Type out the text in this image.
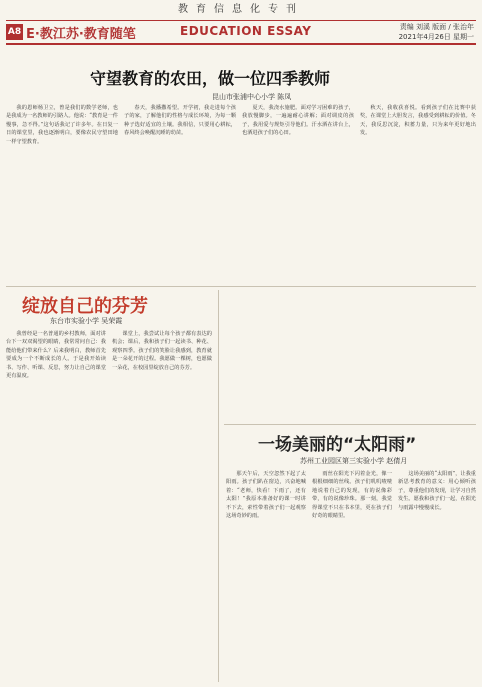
教育信息化专刊
A8 E·教江苏·教育随笔	EDUCATION ESSAY	责编 刘溪 版面 / 张治年
2021年4月26日 星期一
守望教育的农田，做一位四季教师
昆山市张浦中心小学 陈凤

我的恩师杨卫立，曾是我们的数学老师，也是我成为一名教师的引路人。他说：“教育是一件慢事，急不得。”这句话我记了许多年。在日复一日的课堂里，我也逐渐明白，要像农民守望田地一样守望教育。

春天，我播撒希望。开学初，我走进每个孩子的家，了解他们的性格与成长环境，为每一颗种子选好适宜的土壤。我相信，只要用心耕耘，春风终会唤醒沉睡的幼苗。

夏天，我浇水施肥。面对学习困难的孩子，我放慢脚步，一遍遍耐心讲解；面对调皮的孩子，我用爱与规矩引导他们。汗水洒在讲台上，也洒进孩子们的心田。

秋天，我收获喜悦。看到孩子们在比赛中获奖，在课堂上大胆发言，我感受到耕耘的价值。冬天，我反思沉淀，积蓄力量，只为来年更好地出发。

绽放自己的芬芳
东台市实验小学 吴荣霞

我曾经是一名普通的乡村教师，面对讲台下一双双渴望的眼睛，我常常问自己：我能给他们带来什么？后来我明白，教师首先要成为一个不断成长的人。于是我开始读书、写作、听课、反思，努力让自己的课堂更有温度。

课堂上，我尝试让每个孩子都有表达的机会；课后，我和孩子们一起读书、种花、观察四季。孩子们的笑脸让我感到，教育就是一朵花开的过程。我愿做一棵树，也愿做一朵花，在校园里绽放自己的芬芳。

一场美丽的“太阳雨”
苏州工业园区第三实验小学 赵倩月

那天午后，天空忽然下起了太阳雨。孩子们趴在窗边，兴奋地喊着：“老师，快看！下雨了，还有太阳！”我原本准备好的课一时讲不下去，索性带着孩子们一起观察这场奇妙的雨。

雨丝在阳光下闪着金光，像一根根细细的丝线。孩子们叽叽喳喳地说着自己的发现，有的说像彩带，有的说像珍珠。那一刻，我觉得课堂不只在书本里，更在孩子们好奇的眼睛里。

这场美丽的“太阳雨”，让我重新思考教育的意义：用心倾听孩子，尊重他们的发现，让学习自然发生。愿我和孩子们一起，在阳光与雨露中慢慢成长。
